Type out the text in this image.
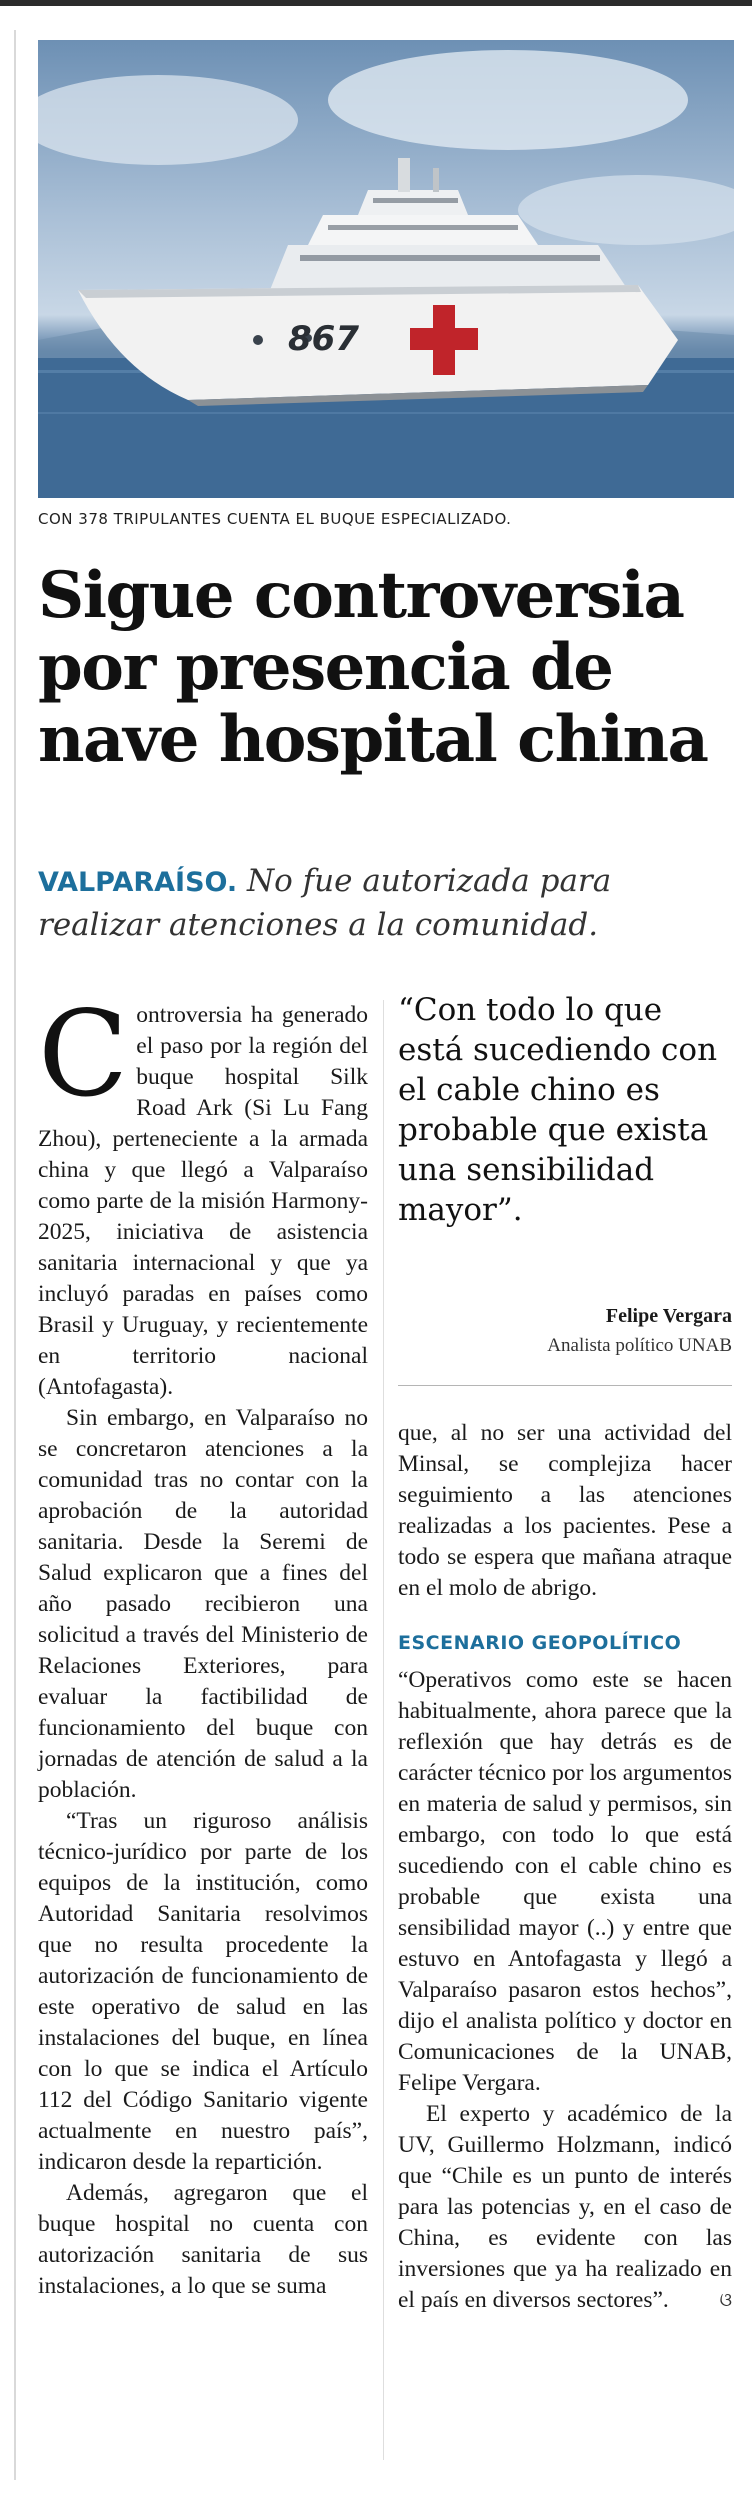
867
CON 378 TRIPULANTES CUENTA EL BUQUE ESPECIALIZADO.
Sigue controversia
por presencia de
nave hospital china
VALPARAÍSO. No fue autorizada para realizar atenciones a la comunidad.

Controversia ha generado el paso por la región del buque hospital Silk Road Ark (Si Lu Fang Zhou), perteneciente a la armada china y que llegó a Valparaíso como parte de la misión Harmony-2025, iniciativa de asistencia sanitaria internacional y que ya incluyó paradas en países como Brasil y Uruguay, y recientemente en territorio nacional (Antofagasta).

Sin embargo, en Valparaíso no se concretaron atenciones a la comunidad tras no contar con la aprobación de la autoridad sanitaria. Desde la Seremi de Salud explicaron que a fines del año pasado recibieron una solicitud a través del Ministerio de Relaciones Exteriores, para evaluar la factibilidad de funcionamiento del buque con jornadas de atención de salud a la población.

“Tras un riguroso análisis técnico-jurídico por parte de los equipos de la institución, como Autoridad Sanitaria resolvimos que no resulta procedente la autorización de funcionamiento de este operativo de salud en las instalaciones del buque, en línea con lo que se indica el Artículo 112 del Código Sanitario vigente actualmente en nuestro país”, indicaron desde la repartición.

Además, agregaron que el buque hospital no cuenta con autorización sanitaria de sus instalaciones, a lo que se suma

“Con todo lo que está sucediendo con el cable chino es probable que exista una sensibilidad mayor”.
Felipe Vergara
Analista político UNAB

que, al no ser una actividad del Minsal, se complejiza hacer seguimiento a las atenciones realizadas a los pacientes. Pese a todo se espera que mañana atraque en el molo de abrigo.

ESCENARIO GEOPOLÍTICO

“Operativos como este se hacen habitualmente, ahora parece que la reflexión que hay detrás es de carácter técnico por los argumentos en materia de salud y permisos, sin embargo, con todo lo que está sucediendo con el cable chino es probable que exista una sensibilidad mayor (..) y entre que estuvo en Antofagasta y llegó a Valparaíso pasaron estos hechos”, dijo el analista político y doctor en Comunicaciones de la UNAB, Felipe Vergara.

El experto y académico de la UV, Guillermo Holzmann, indicó que “Chile es un punto de interés para las potencias y, en el caso de China, es evidente con las inversiones que ya ha realizado en el país en diversos sectores”.	ଓ
